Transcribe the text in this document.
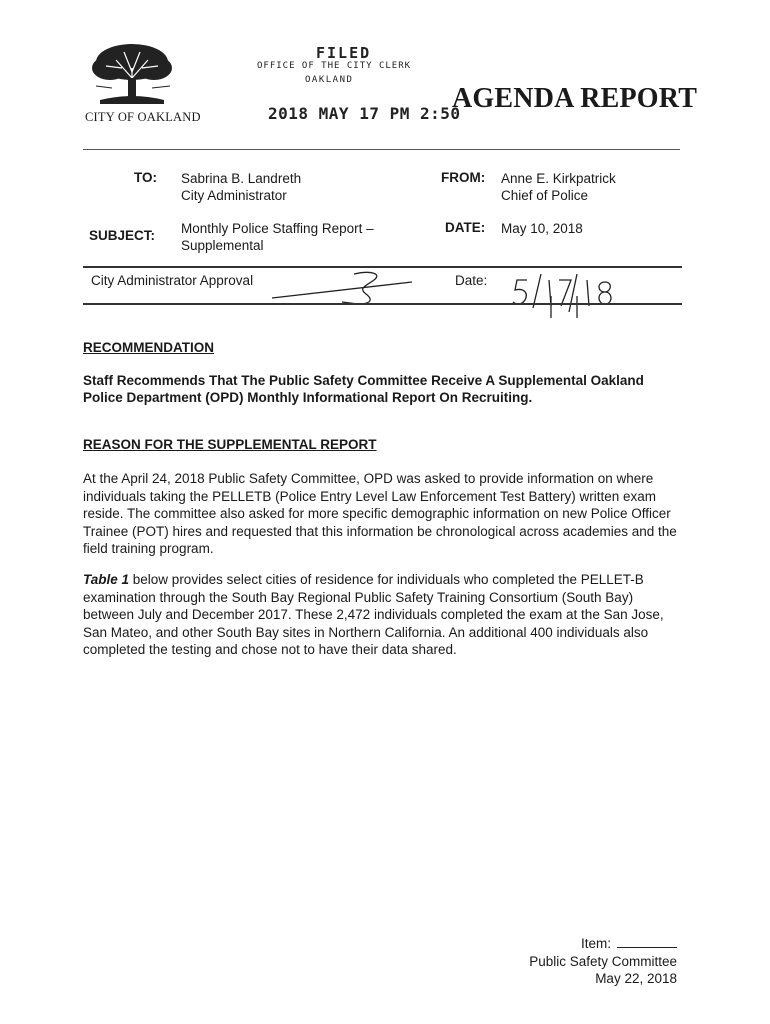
CITY OF OAKLAND
FILED
OFFICE OF THE CITY CLERK
OAKLAND
2018 MAY 17 PM 2:50
AGENDA REPORT
TO: Sabrina B. Landreth
City Administrator
FROM: Anne E. Kirkpatrick
Chief of Police
SUBJECT: Monthly Police Staffing Report –
Supplemental
DATE: May 10, 2018
City Administrator Approval	Date:
RECOMMENDATION
Staff Recommends That The Public Safety Committee Receive A Supplemental Oakland Police Department (OPD) Monthly Informational Report On Recruiting.
REASON FOR THE SUPPLEMENTAL REPORT
At the April 24, 2018 Public Safety Committee, OPD was asked to provide information on where individuals taking the PELLETB (Police Entry Level Law Enforcement Test Battery) written exam reside. The committee also asked for more specific demographic information on new Police Officer Trainee (POT) hires and requested that this information be chronological across academies and the field training program.
Table 1 below provides select cities of residence for individuals who completed the PELLET-B examination through the South Bay Regional Public Safety Training Consortium (South Bay) between July and December 2017. These 2,472 individuals completed the exam at the San Jose, San Mateo, and other South Bay sites in Northern California. An additional 400 individuals also completed the testing and chose not to have their data shared.
Item:
Public Safety Committee
May 22, 2018
